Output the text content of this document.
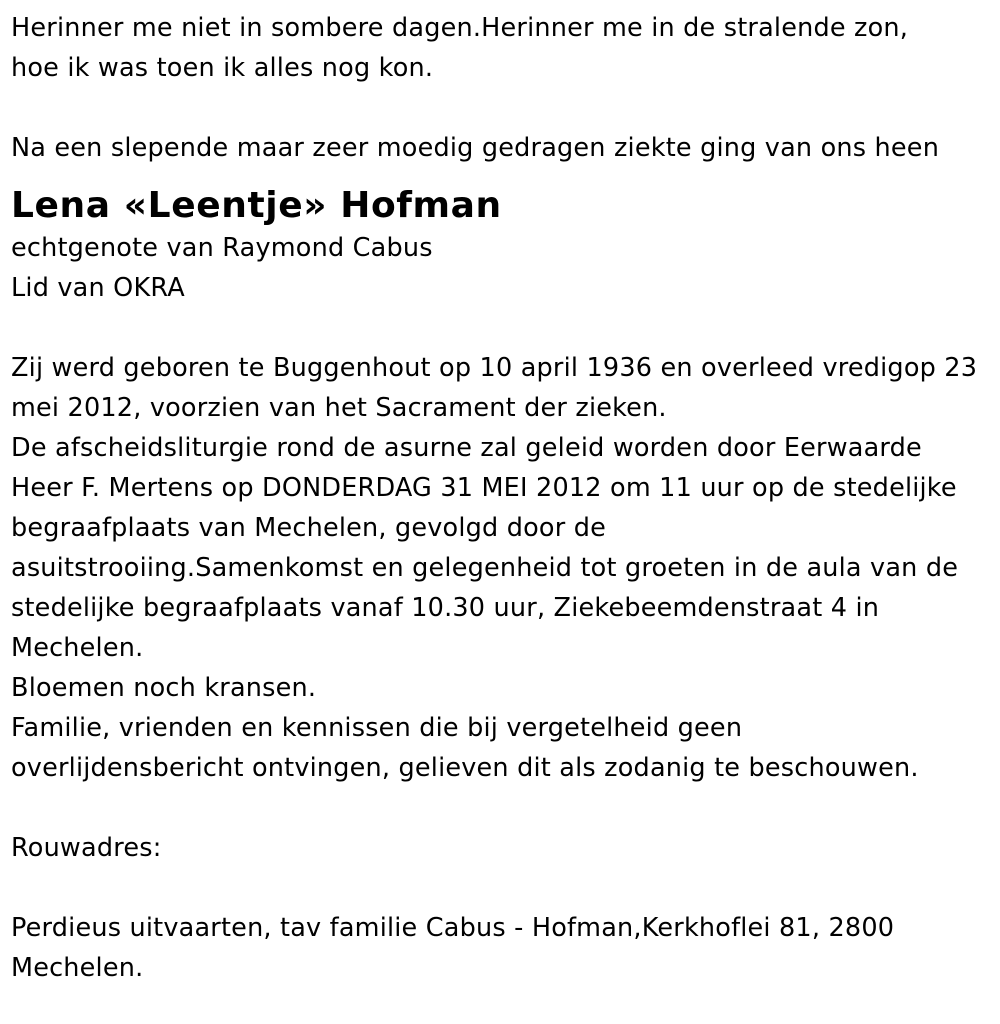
Herinner me niet in sombere dagen.Herinner me in de stralende zon,
hoe ik was toen ik alles nog kon.
Na een slepende maar zeer moedig gedragen ziekte ging van ons heen
Lena «Leentje» Hofman
echtgenote van Raymond Cabus
Lid van OKRA
Zij werd geboren te Buggenhout op 10 april 1936 en overleed vredigop 23
mei 2012, voorzien van het Sacrament der zieken.
De afscheidsliturgie rond de asurne zal geleid worden door Eerwaarde
Heer F. Mertens op DONDERDAG 31 MEI 2012 om 11 uur op de stedelijke
begraafplaats van Mechelen, gevolgd door de
asuitstrooiing.Samenkomst en gelegenheid tot groeten in de aula van de
stedelijke begraafplaats vanaf 10.30 uur, Ziekebeemdenstraat 4 in
Mechelen.
Bloemen noch kransen.
Familie, vrienden en kennissen die bij vergetelheid geen
overlijdensbericht ontvingen, gelieven dit als zodanig te beschouwen.
Rouwadres:
Perdieus uitvaarten, tav familie Cabus - Hofman,Kerkhoflei 81, 2800
Mechelen.
